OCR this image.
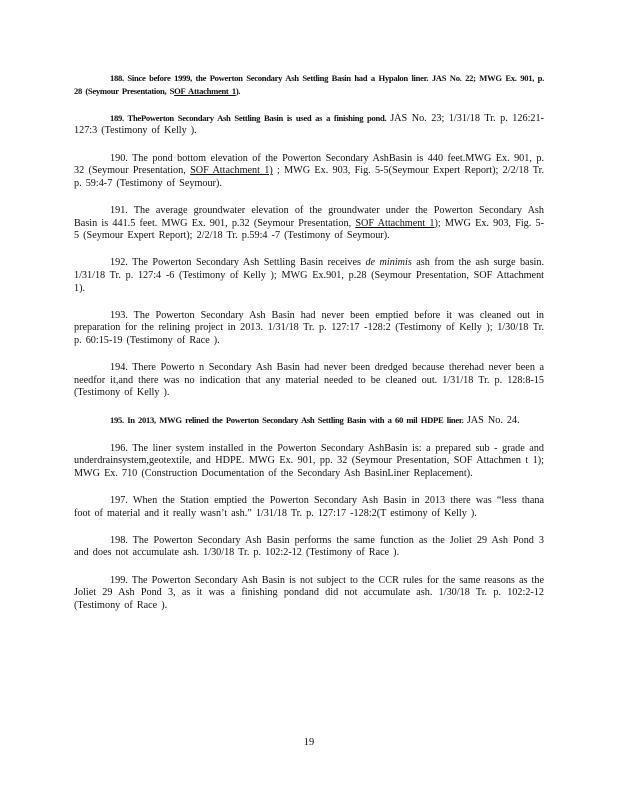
188. Since before 1999, the Powerton Secondary Ash Settling Basin had a Hypalon liner. JAS No. 22; MWG Ex. 901, p. 28 (Seymour Presentation, SOF Attachment 1).

189. ThePowerton Secondary Ash Settling Basin is used as a finishing pond. JAS No. 23; 1/31/18 Tr. p. 126:21-127:3 (Testimony of Kelly ).

190. The pond bottom elevation of the Powerton Secondary AshBasin is 440 feet.MWG Ex. 901, p. 32 (Seymour Presentation, SOF Attachment 1) ; MWG Ex. 903, Fig. 5-5(Seymour Expert Report); 2/2/18 Tr. p. 59:4-7 (Testimony of Seymour).

191. The average groundwater elevation of the groundwater under the Powerton Secondary Ash Basin is 441.5 feet. MWG Ex. 901, p.32 (Seymour Presentation, SOF Attachment 1); MWG Ex. 903, Fig. 5-5 (Seymour Expert Report); 2/2/18 Tr. p.59:4 -7 (Testimony of Seymour).

192. The Powerton Secondary Ash Settling Basin receives de minimis ash from the ash surge basin. 1/31/18 Tr. p. 127:4 -6 (Testimony of Kelly ); MWG Ex.901, p.28 (Seymour Presentation, SOF Attachment 1).

193. The Powerton Secondary Ash Basin had never been emptied before it was cleaned out in preparation for the relining project in 2013. 1/31/18 Tr. p. 127:17 -128:2 (Testimony of Kelly ); 1/30/18 Tr. p. 60:15-19 (Testimony of Race ).

194. There Powerto n Secondary Ash Basin had never been dredged because therehad never been a needfor it,and there was no indication that any material needed to be cleaned out. 1/31/18 Tr. p. 128:8-15 (Testimony of Kelly ).

195. In 2013, MWG relined the Powerton Secondary Ash Settling Basin with a 60 mil HDPE liner. JAS No. 24.

196. The liner system installed in the Powerton Secondary AshBasin is: a prepared sub - grade and underdrainsystem,geotextile, and HDPE. MWG Ex. 901, pp. 32 (Seymour Presentation, SOF Attachmen t 1); MWG Ex. 710 (Construction Documentation of the Secondary Ash BasinLiner Replacement).

197. When the Station emptied the Powerton Secondary Ash Basin in 2013 there was “less thana foot of material and it really wasn’t ash.” 1/31/18 Tr. p. 127:17 -128:2(T estimony of Kelly ).

198. The Powerton Secondary Ash Basin performs the same function as the Joliet 29 Ash Pond 3 and does not accumulate ash. 1/30/18 Tr. p. 102:2-12 (Testimony of Race ).

199. The Powerton Secondary Ash Basin is not subject to the CCR rules for the same reasons as the Joliet 29 Ash Pond 3, as it was a finishing pondand did not accumulate ash. 1/30/18 Tr. p. 102:2-12 (Testimony of Race ).

19
